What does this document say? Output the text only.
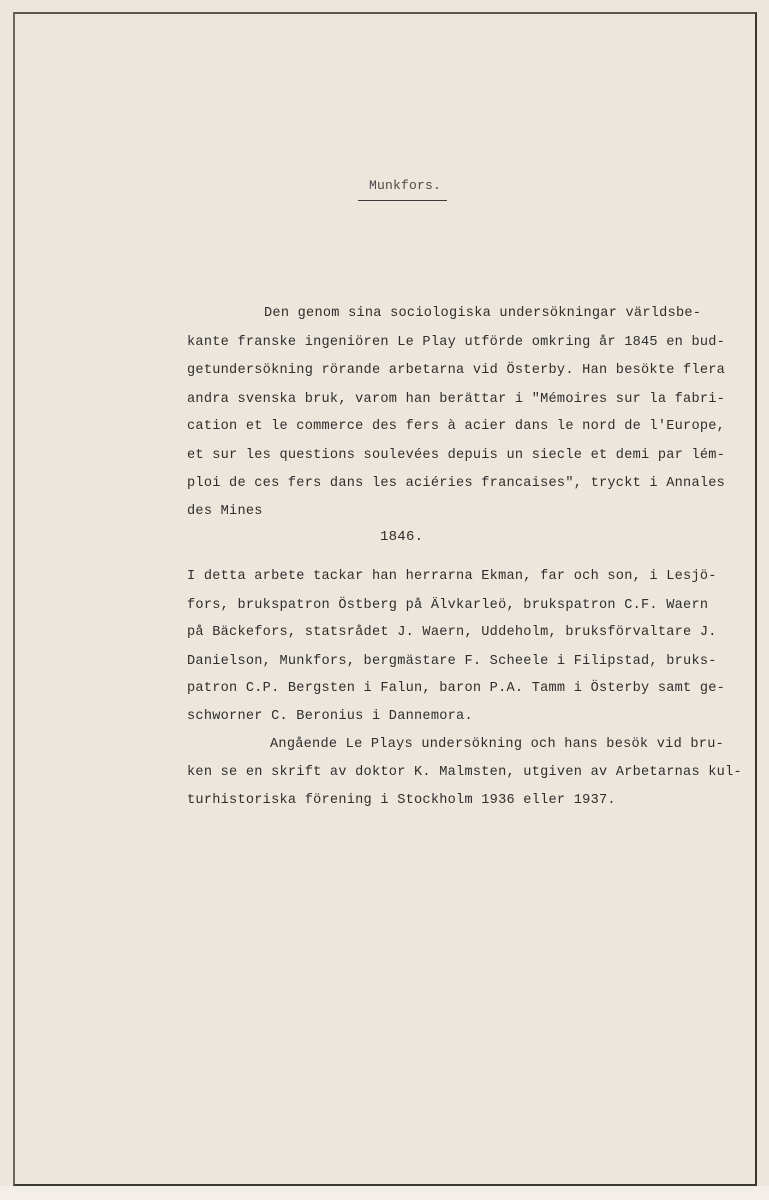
Munkfors.
Den genom sina sociologiska undersökningar världsbe-
kante franske ingeniören Le Play utförde omkring år 1845 en bud-
getundersökning rörande arbetarna vid Österby. Han besökte flera
andra svenska bruk, varom han berättar i "Mémoires sur la fabri-
cation et le commerce des fers à acier dans le nord de l'Europe,
et sur les questions soulevées depuis un siecle et demi par lém-
ploi de ces fers dans les aciéries francaises", tryckt i Annales
des Mines
1846.
I detta arbete tackar han herrarna Ekman, far och son, i Lesjö-
fors, brukspatron Östberg på Älvkarleö, brukspatron C.F. Waern
på Bäckefors, statsrådet J. Waern, Uddeholm, bruksförvaltare J.
Danielson, Munkfors, bergmästare F. Scheele i Filipstad, bruks-
patron C.P. Bergsten i Falun, baron P.A. Tamm i Österby samt ge-
schworner C. Beronius i Dannemora.
Angående Le Plays undersökning och hans besök vid bru-
ken se en skrift av doktor K. Malmsten, utgiven av Arbetarnas kul-
turhistoriska förening i Stockholm 1936 eller 1937.
